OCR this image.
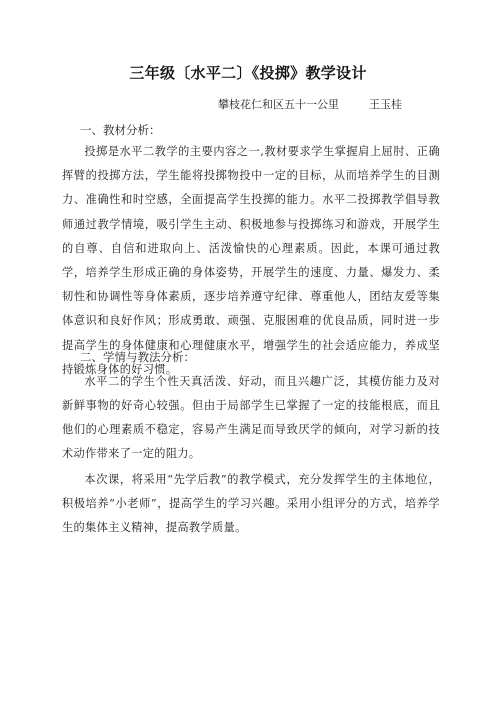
三年级〔水平二〕《投掷》教学设计
攀枝花仁和区五十一公里	王玉桂
一、教材分析：

投掷是水平二教学的主要内容之一,教材要求学生掌握肩上屈肘、正确挥臂的投掷方法，学生能将投掷物投中一定的目标，从而培养学生的目测力、准确性和时空感，全面提高学生投掷的能力。水平二投掷教学倡导教师通过教学情境，吸引学生主动、积极地参与投掷练习和游戏，开展学生的自尊、自信和进取向上、活泼愉快的心理素质。因此，本课可通过教学，培养学生形成正确的身体姿势，开展学生的速度、力量、爆发力、柔韧性和协调性等身体素质，逐步培养遵守纪律、尊重他人，团结友爱等集体意识和良好作风；形成勇敢、顽强、克服困难的优良品质，同时进一步提高学生的身体健康和心理健康水平，增强学生的社会适应能力，养成坚持锻炼身体的好习惯。

二、学情与教法分析：

水平二的学生个性天真活泼、好动，而且兴趣广泛，其模仿能力及对新鲜事物的好奇心较强。但由于局部学生已掌握了一定的技能根底，而且他们的心理素质不稳定，容易产生满足而导致厌学的倾向，对学习新的技术动作带来了一定的阻力。

本次课，将采用“先学后教”的教学模式，充分发挥学生的主体地位，积极培养“小老师”，提高学生的学习兴趣。采用小组评分的方式，培养学生的集体主义精神，提高教学质量。
